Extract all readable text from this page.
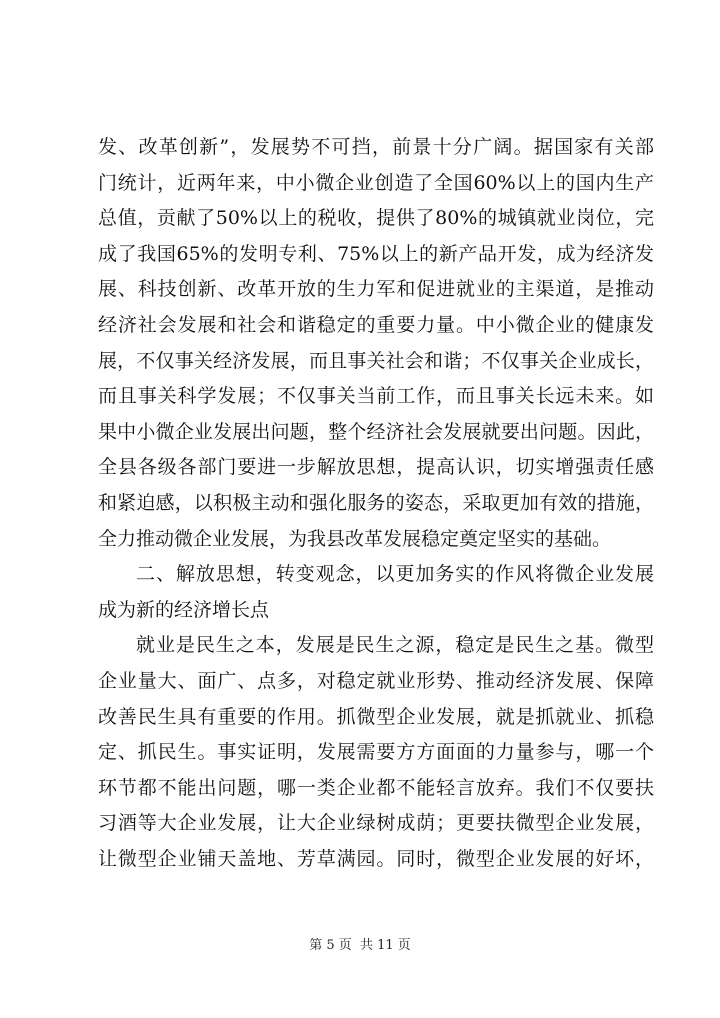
发、改革创新”，发展势不可挡，前景十分广阔。据国家有关部
门统计，近两年来，中小微企业创造了全国60%以上的国内生产
总值，贡献了50%以上的税收，提供了80%的城镇就业岗位，完
成了我国65%的发明专利、75%以上的新产品开发，成为经济发
展、科技创新、改革开放的生力军和促进就业的主渠道，是推动
经济社会发展和社会和谐稳定的重要力量。中小微企业的健康发
展，不仅事关经济发展，而且事关社会和谐；不仅事关企业成长，
而且事关科学发展；不仅事关当前工作，而且事关长远未来。如
果中小微企业发展出问题，整个经济社会发展就要出问题。因此，
全县各级各部门要进一步解放思想，提高认识，切实增强责任感
和紧迫感，以积极主动和强化服务的姿态，采取更加有效的措施，
全力推动微企业发展，为我县改革发展稳定奠定坚实的基础。
二、解放思想，转变观念，以更加务实的作风将微企业发展
成为新的经济增长点
就业是民生之本，发展是民生之源，稳定是民生之基。微型
企业量大、面广、点多，对稳定就业形势、推动经济发展、保障
改善民生具有重要的作用。抓微型企业发展，就是抓就业、抓稳
定、抓民生。事实证明，发展需要方方面面的力量参与，哪一个
环节都不能出问题，哪一类企业都不能轻言放弃。我们不仅要扶
习酒等大企业发展，让大企业绿树成荫；更要扶微型企业发展，
让微型企业铺天盖地、芳草满园。同时，微型企业发展的好坏，
第 5 页 共 11 页
